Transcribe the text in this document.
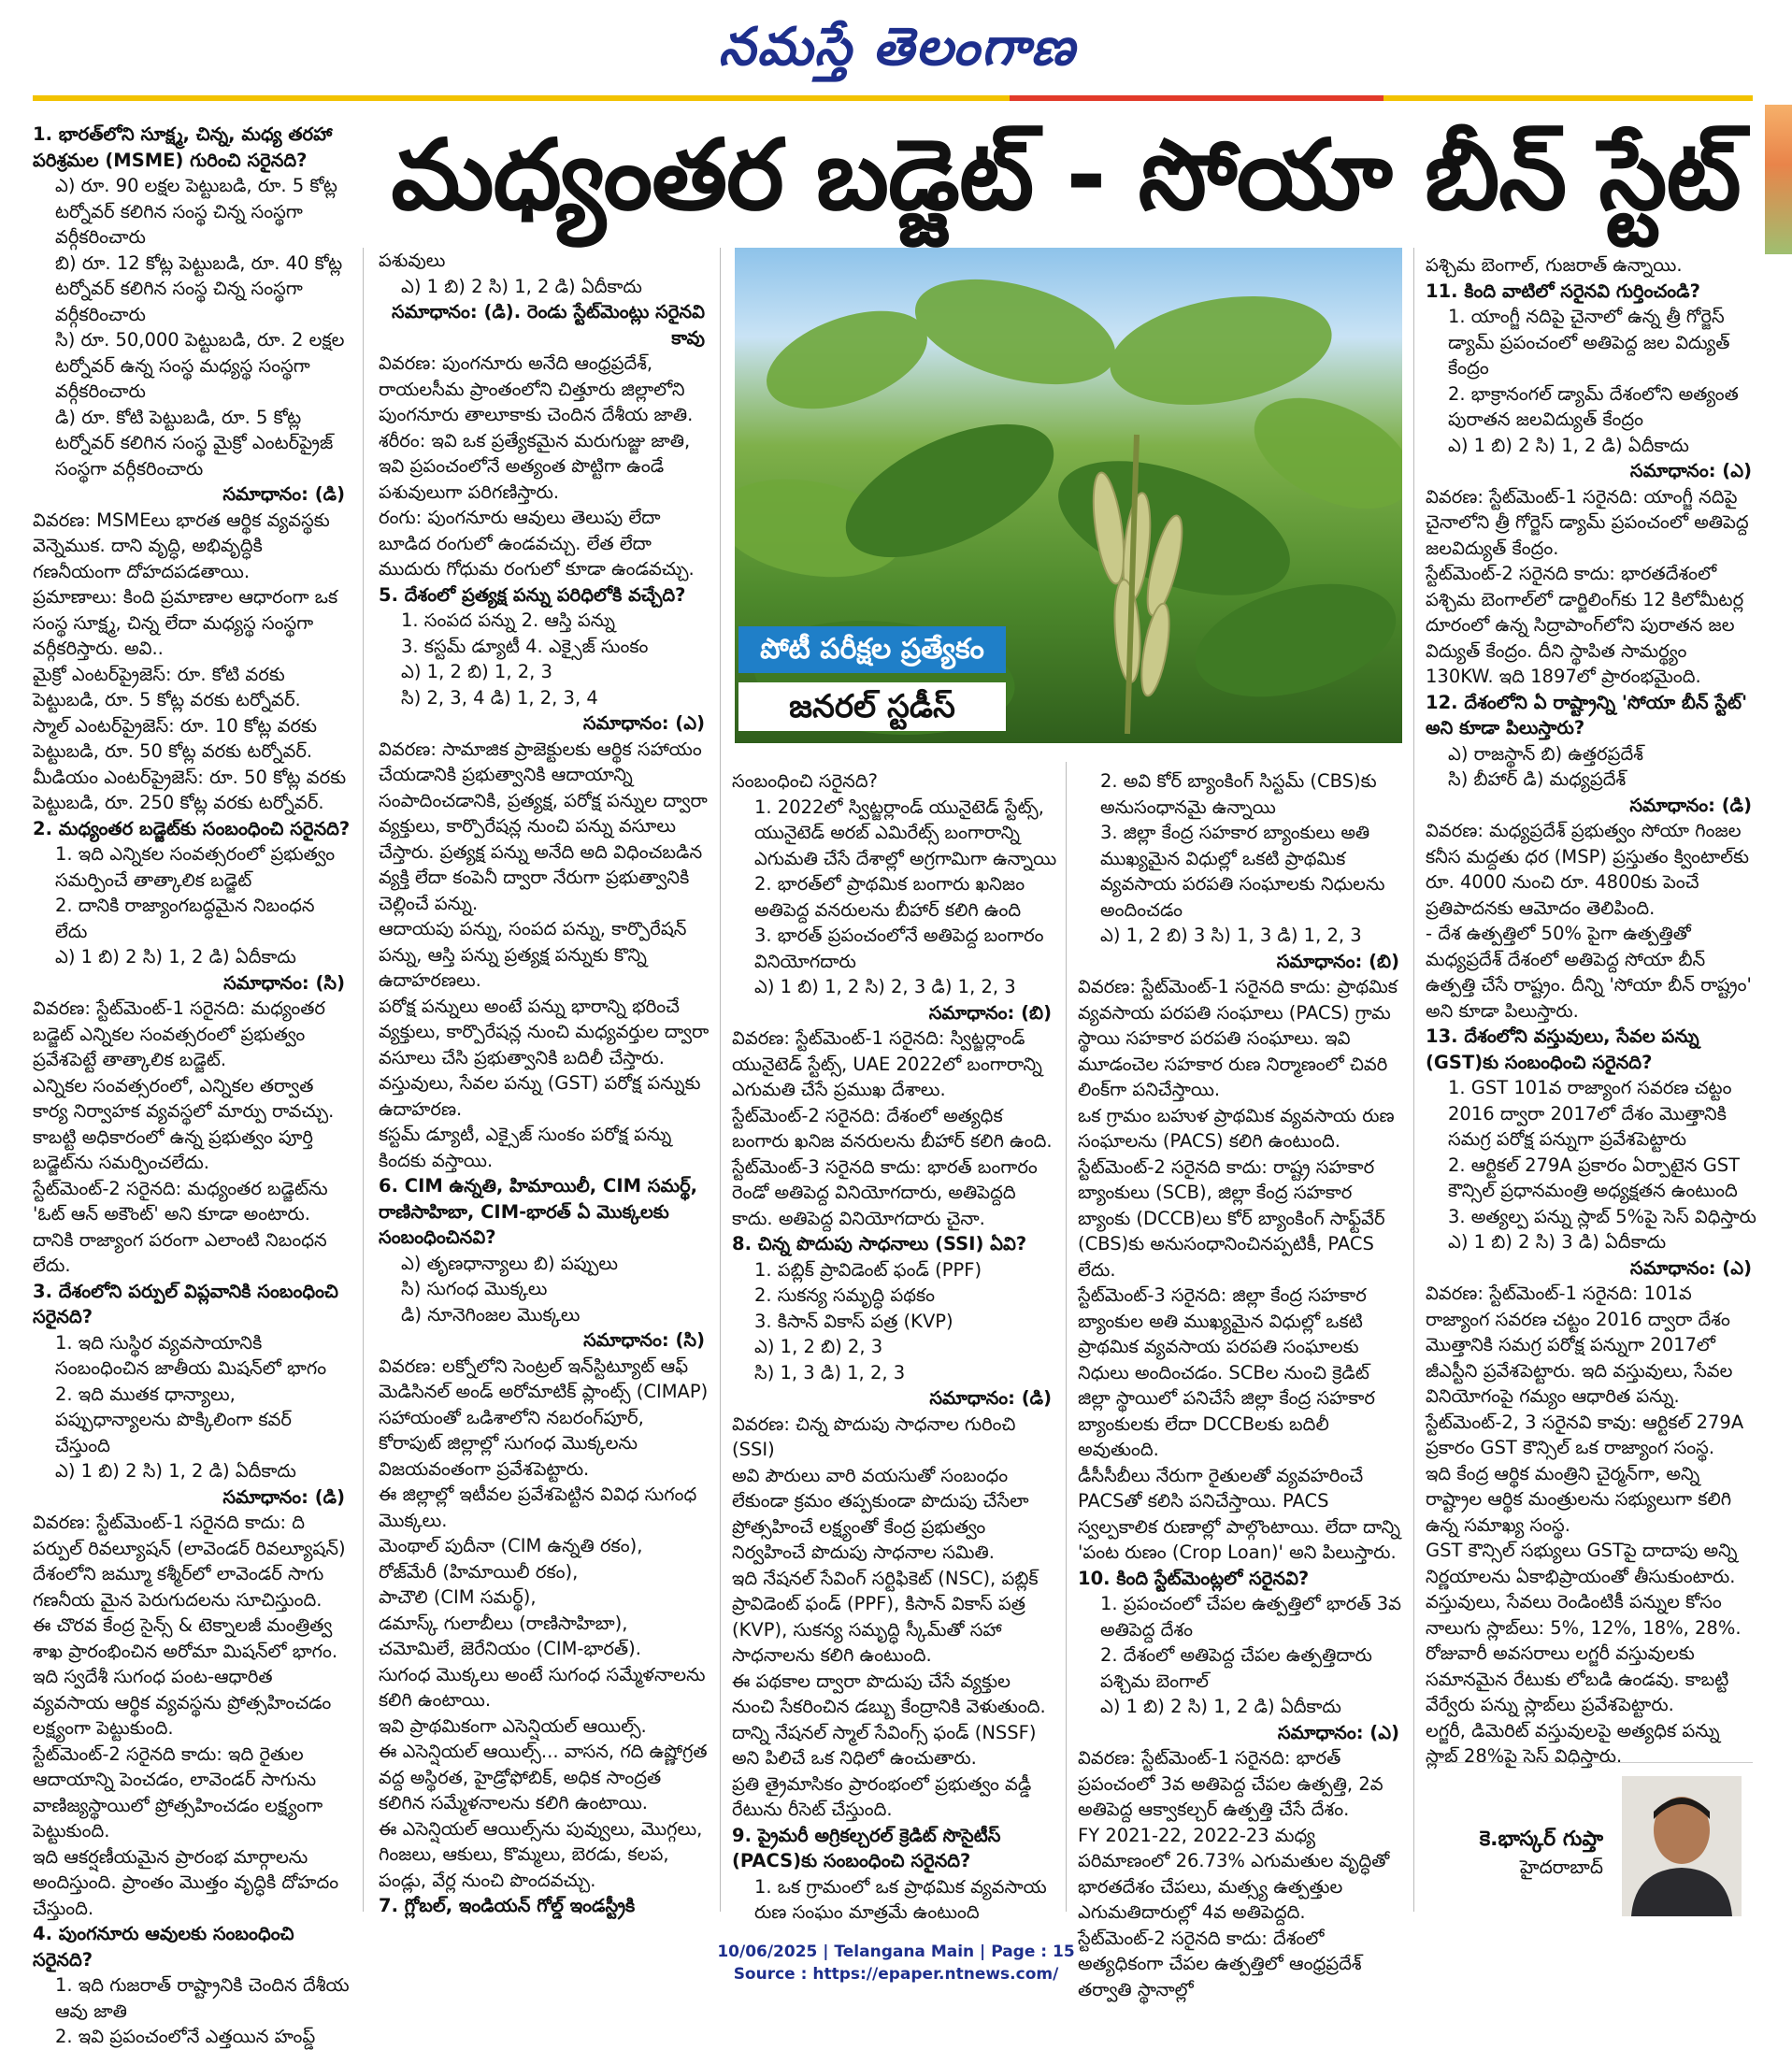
నమస్తే తెలంగాణ
మధ్యంతర బడ్జెట్ - సోయా బీన్ స్టేట్
పోటీ పరీక్షల ప్రత్యేకం
జనరల్ స్టడీస్

1. భారత్‌లోని సూక్ష్మ, చిన్న, మధ్య తరహా పరిశ్రమల (MSME) గురించి సరైనది?

ఎ) రూ. 90 లక్షల పెట్టుబడి, రూ. 5 కోట్ల టర్నోవర్ కలిగిన సంస్థ చిన్న సంస్థగా వర్గీకరించారు

బి) రూ. 12 కోట్ల పెట్టుబడి, రూ. 40 కోట్ల టర్నోవర్ కలిగిన సంస్థ చిన్న సంస్థగా వర్గీకరించారు

సి) రూ. 50,000 పెట్టుబడి, రూ. 2 లక్షల టర్నోవర్ ఉన్న సంస్థ మధ్యస్థ సంస్థగా వర్గీకరించారు

డి) రూ. కోటి పెట్టుబడి, రూ. 5 కోట్ల టర్నోవర్ కలిగిన సంస్థ మైక్రో ఎంటర్‌ప్రైజ్ సంస్థగా వర్గీకరించారు

సమాధానం: (డి)

వివరణ: MSMEలు భారత ఆర్థిక వ్యవస్థకు వెన్నెముక. దాని వృద్ధి, అభివృద్ధికి గణనీయంగా దోహదపడతాయి.

ప్రమాణాలు: కింది ప్రమాణాల ఆధారంగా ఒక సంస్థ సూక్ష్మ, చిన్న లేదా మధ్యస్థ సంస్థగా వర్గీకరిస్తారు. అవి..

మైక్రో ఎంటర్‌ప్రైజెస్: రూ. కోటి వరకు పెట్టుబడి, రూ. 5 కోట్ల వరకు టర్నోవర్.

స్మాల్ ఎంటర్‌ప్రైజెస్: రూ. 10 కోట్ల వరకు పెట్టుబడి, రూ. 50 కోట్ల వరకు టర్నోవర్.

మీడియం ఎంటర్‌ప్రైజెస్: రూ. 50 కోట్ల వరకు పెట్టుబడి, రూ. 250 కోట్ల వరకు టర్నోవర్.

2. మధ్యంతర బడ్జెట్‌కు సంబంధించి సరైనది?

1. ఇది ఎన్నికల సంవత్సరంలో ప్రభుత్వం సమర్పించే తాత్కాలిక బడ్జెట్

2. దానికి రాజ్యాంగబద్ధమైన నిబంధన లేదు

ఎ) 1 బి) 2 సి) 1, 2 డి) ఏదీకాదు

సమాధానం: (సి)

వివరణ: స్టేట్‌మెంట్-1 సరైనది: మధ్యంతర బడ్జెట్ ఎన్నికల సంవత్సరంలో ప్రభుత్వం ప్రవేశపెట్టే తాత్కాలిక బడ్జెట్.

ఎన్నికల సంవత్సరంలో, ఎన్నికల తర్వాత కార్య నిర్వాహక వ్యవస్థలో మార్పు రావచ్చు. కాబట్టి అధికారంలో ఉన్న ప్రభుత్వం పూర్తి బడ్జెట్‌ను సమర్పించలేదు.

స్టేట్‌మెంట్-2 సరైనది: మధ్యంతర బడ్జెట్‌ను 'ఓట్ ఆన్ అకౌంట్' అని కూడా అంటారు. దానికి రాజ్యాంగ పరంగా ఎలాంటి నిబంధన లేదు.

3. దేశంలోని పర్పుల్ విప్లవానికి సంబంధించి సరైనది?

1. ఇది సుస్థిర వ్యవసాయానికి సంబంధించిన జాతీయ మిషన్‌లో భాగం

2. ఇది ముతక ధాన్యాలు, పప్పుధాన్యాలను పొక్కిలింగా కవర్ చేస్తుంది

ఎ) 1 బి) 2 సి) 1, 2 డి) ఏదీకాదు

సమాధానం: (డి)

వివరణ: స్టేట్‌మెంట్-1 సరైనది కాదు: ది పర్పుల్ రివల్యూషన్ (లావెండర్ రివల్యూషన్) దేశంలోని జమ్మూ కశ్మీర్‌లో లావెండర్ సాగు గణనీయ మైన పెరుగుదలను సూచిస్తుంది.

ఈ చొరవ కేంద్ర సైన్స్ & టెక్నాలజీ మంత్రిత్వ శాఖ ప్రారంభించిన అరోమా మిషన్‌లో భాగం.

ఇది స్వదేశీ సుగంధ పంట-ఆధారిత వ్యవసాయ ఆర్థిక వ్యవస్థను ప్రోత్సహించడం లక్ష్యంగా పెట్టుకుంది.

స్టేట్‌మెంట్-2 సరైనది కాదు: ఇది రైతుల ఆదాయాన్ని పెంచడం, లావెండర్ సాగును వాణిజ్యస్థాయిలో ప్రోత్సహించడం లక్ష్యంగా పెట్టుకుంది.

ఇది ఆకర్షణీయమైన ప్రారంభ మార్గాలను అందిస్తుంది. ప్రాంతం మొత్తం వృద్ధికి దోహదం చేస్తుంది.

4. పుంగనూరు ఆవులకు సంబంధించి సరైనది?

1. ఇది గుజరాత్ రాష్ట్రానికి చెందిన దేశీయ ఆవు జాతి

2. ఇవి ప్రపంచంలోనే ఎత్తయిన హంప్డ్

పశువులు

ఎ) 1 బి) 2 సి) 1, 2 డి) ఏదీకాదు

సమాధానం: (డి). రెండు స్టేట్‌మెంట్లు సరైనవి కావు

వివరణ: పుంగనూరు అనేది ఆంధ్రప్రదేశ్, రాయలసీమ ప్రాంతంలోని చిత్తూరు జిల్లాలోని పుంగనూరు తాలూకాకు చెందిన దేశీయ జాతి.

శరీరం: ఇవి ఒక ప్రత్యేకమైన మరుగుజ్జు జాతి, ఇవి ప్రపంచంలోనే అత్యంత పొట్టిగా ఉండే పశువులుగా పరిగణిస్తారు.

రంగు: పుంగనూరు ఆవులు తెలుపు లేదా బూడిద రంగులో ఉండవచ్చు. లేత లేదా ముదురు గోధుమ రంగులో కూడా ఉండవచ్చు.

5. దేశంలో ప్రత్యక్ష పన్ను పరిధిలోకి వచ్చేది?

1. సంపద పన్ను 2. ఆస్తి పన్ను

3. కస్టమ్ డ్యూటీ 4. ఎక్సైజ్ సుంకం

ఎ) 1, 2 బి) 1, 2, 3

సి) 2, 3, 4 డి) 1, 2, 3, 4

సమాధానం: (ఎ)

వివరణ: సామాజిక ప్రాజెక్టులకు ఆర్థిక సహాయం చేయడానికి ప్రభుత్వానికి ఆదాయాన్ని సంపాదించడానికి, ప్రత్యక్ష, పరోక్ష పన్నుల ద్వారా వ్యక్తులు, కార్పొరేషన్ల నుంచి పన్ను వసూలు చేస్తారు. ప్రత్యక్ష పన్ను అనేది అది విధించబడిన వ్యక్తి లేదా కంపెనీ ద్వారా నేరుగా ప్రభుత్వానికి చెల్లించే పన్ను.

ఆదాయపు పన్ను, సంపద పన్ను, కార్పొరేషన్ పన్ను, ఆస్తి పన్ను ప్రత్యక్ష పన్నుకు కొన్ని ఉదాహరణలు.

పరోక్ష పన్నులు అంటే పన్ను భారాన్ని భరించే వ్యక్తులు, కార్పొరేషన్ల నుంచి మధ్యవర్తుల ద్వారా వసూలు చేసి ప్రభుత్వానికి బదిలీ చేస్తారు.

వస్తువులు, సేవల పన్ను (GST) పరోక్ష పన్నుకు ఉదాహరణ.

కస్టమ్ డ్యూటీ, ఎక్సైజ్ సుంకం పరోక్ష పన్ను కిందకు వస్తాయి.

6. CIM ఉన్నతి, హిమాయిలీ, CIM సమర్థ్, రాణిసాహిబా, CIM-భారత్ ఏ మొక్కలకు సంబంధించినవి?

ఎ) తృణధాన్యాలు బి) పప్పులు

సి) సుగంధ మొక్కలు

డి) నూనెగింజల మొక్కలు

సమాధానం: (సి)

వివరణ: లక్నోలోని సెంట్రల్ ఇన్‌స్టిట్యూట్ ఆఫ్ మెడిసినల్ అండ్ అరోమాటిక్ ప్లాంట్స్ (CIMAP) సహాయంతో ఒడిశాలోని నబరంగ్‌పూర్, కోరాపుట్ జిల్లాల్లో సుగంధ మొక్కలను విజయవంతంగా ప్రవేశపెట్టారు.

ఈ జిల్లాల్లో ఇటీవల ప్రవేశపెట్టిన వివిధ సుగంధ మొక్కలు.

మెంథాల్ పుదీనా (CIM ఉన్నతి రకం),

రోజ్‌మేరీ (హిమాయిలీ రకం),

పాచౌలి (CIM సమర్థ్),

డమాస్క్ గులాబీలు (రాణిసాహిబా),

చమోమిలే, జెరేనియం (CIM-భారత్).

సుగంధ మొక్కలు అంటే సుగంధ సమ్మేళనాలను కలిగి ఉంటాయి.

ఇవి ప్రాథమికంగా ఎసెన్షియల్ ఆయిల్స్.

ఈ ఎసెన్షియల్ ఆయిల్స్... వాసన, గది ఉష్ణోగ్రత వద్ద అస్థిరత, హైడ్రోఫోబిక్, అధిక సాంద్రత కలిగిన సమ్మేళనాలను కలిగి ఉంటాయి.

ఈ ఎసెన్షియల్ ఆయిల్స్‌ను పువ్వులు, మొగ్గలు, గింజలు, ఆకులు, కొమ్మలు, బెరడు, కలప, పండ్లు, వేర్ల నుంచి పొందవచ్చు.

7. గ్లోబల్, ఇండియన్ గోల్డ్ ఇండస్ట్రీకి

సంబంధించి సరైనది?

1. 2022లో స్విట్జర్లాండ్ యునైటెడ్ స్టేట్స్, యునైటెడ్ అరబ్ ఎమిరేట్స్ బంగారాన్ని ఎగుమతి చేసే దేశాల్లో అగ్రగామిగా ఉన్నాయి

2. భారత్‌లో ప్రాథమిక బంగారు ఖనిజం అతిపెద్ద వనరులను బీహార్ కలిగి ఉంది

3. భారత్ ప్రపంచంలోనే అతిపెద్ద బంగారం వినియోగదారు

ఎ) 1 బి) 1, 2 సి) 2, 3 డి) 1, 2, 3

సమాధానం: (బి)

వివరణ: స్టేట్‌మెంట్-1 సరైనది: స్విట్జర్లాండ్ యునైటెడ్ స్టేట్స్, UAE 2022లో బంగారాన్ని ఎగుమతి చేసే ప్రముఖ దేశాలు.

స్టేట్‌మెంట్-2 సరైనది: దేశంలో అత్యధిక బంగారు ఖనిజ వనరులను బీహార్ కలిగి ఉంది.

స్టేట్‌మెంట్-3 సరైనది కాదు: భారత్ బంగారం రెండో అతిపెద్ద వినియోగదారు, అతిపెద్దది కాదు. అతిపెద్ద వినియోగదారు చైనా.

8. చిన్న పొదుపు సాధనాలు (SSI) ఏవి?

1. పబ్లిక్ ప్రావిడెంట్ ఫండ్ (PPF)

2. సుకన్య సమృద్ధి పథకం

3. కిసాన్ వికాస్ పత్ర (KVP)

ఎ) 1, 2 బి) 2, 3

సి) 1, 3 డి) 1, 2, 3

సమాధానం: (డి)

వివరణ: చిన్న పొదుపు సాధనాల గురించి (SSI)

అవి పౌరులు వారి వయసుతో సంబంధం లేకుండా క్రమం తప్పకుండా పొదుపు చేసేలా ప్రోత్సహించే లక్ష్యంతో కేంద్ర ప్రభుత్వం నిర్వహించే పొదుపు సాధనాల సమితి.

ఇది నేషనల్ సేవింగ్ సర్టిఫికెట్ (NSC), పబ్లిక్ ప్రావిడెంట్ ఫండ్ (PPF), కిసాన్ వికాస్ పత్ర (KVP), సుకన్య సమృద్ధి స్కీమ్‌తో సహా సాధనాలను కలిగి ఉంటుంది.

ఈ పథకాల ద్వారా పొదుపు చేసే వ్యక్తుల నుంచి సేకరించిన డబ్బు కేంద్రానికి వెళుతుంది. దాన్ని నేషనల్ స్మాల్ సేవింగ్స్ ఫండ్ (NSSF) అని పిలిచే ఒక నిధిలో ఉంచుతారు.

ప్రతి త్రైమాసికం ప్రారంభంలో ప్రభుత్వం వడ్డీ రేటును రీసెట్ చేస్తుంది.

9. ప్రైమరీ అగ్రికల్చరల్ క్రెడిట్ సొసైటీస్ (PACS)కు సంబంధించి సరైనది?

1. ఒక గ్రామంలో ఒక ప్రాథమిక వ్యవసాయ రుణ సంఘం మాత్రమే ఉంటుంది

2. అవి కోర్ బ్యాంకింగ్ సిస్టమ్ (CBS)కు అనుసంధానమై ఉన్నాయి

3. జిల్లా కేంద్ర సహకార బ్యాంకులు అతి ముఖ్యమైన విధుల్లో ఒకటి ప్రాథమిక వ్యవసాయ పరపతి సంఘాలకు నిధులను అందించడం

ఎ) 1, 2 బి) 3 సి) 1, 3 డి) 1, 2, 3

సమాధానం: (బి)

వివరణ: స్టేట్‌మెంట్-1 సరైనది కాదు: ప్రాథమిక వ్యవసాయ పరపతి సంఘాలు (PACS) గ్రామ స్థాయి సహకార పరపతి సంఘాలు. ఇవి మూడంచెల సహకార రుణ నిర్మాణంలో చివరి లింక్‌గా పనిచేస్తాయి.

ఒక గ్రామం బహుళ ప్రాథమిక వ్యవసాయ రుణ సంఘాలను (PACS) కలిగి ఉంటుంది.

స్టేట్‌మెంట్-2 సరైనది కాదు: రాష్ట్ర సహకార బ్యాంకులు (SCB), జిల్లా కేంద్ర సహకార బ్యాంకు (DCCB)లు కోర్ బ్యాంకింగ్ సాఫ్ట్‌వేర్ (CBS)కు అనుసంధానించినప్పటికీ, PACS లేదు.

స్టేట్‌మెంట్-3 సరైనది: జిల్లా కేంద్ర సహకార బ్యాంకుల అతి ముఖ్యమైన విధుల్లో ఒకటి ప్రాథమిక వ్యవసాయ పరపతి సంఘాలకు నిధులు అందించడం. SCBల నుంచి క్రెడిట్ జిల్లా స్థాయిలో పనిచేసే జిల్లా కేంద్ర సహకార బ్యాంకులకు లేదా DCCBలకు బదిలీ అవుతుంది.

డీసీసీబీలు నేరుగా రైతులతో వ్యవహరించే PACSతో కలిసి పనిచేస్తాయి. PACS స్వల్పకాలిక రుణాల్లో పాల్గొంటాయి. లేదా దాన్ని 'పంట రుణం (Crop Loan)' అని పిలుస్తారు.

10. కింది స్టేట్‌మెంట్లలో సరైనవి?

1. ప్రపంచంలో చేపల ఉత్పత్తిలో భారత్ 3వ అతిపెద్ద దేశం

2. దేశంలో అతిపెద్ద చేపల ఉత్పత్తిదారు పశ్చిమ బెంగాల్

ఎ) 1 బి) 2 సి) 1, 2 డి) ఏదీకాదు

సమాధానం: (ఎ)

వివరణ: స్టేట్‌మెంట్-1 సరైనది: భారత్ ప్రపంచంలో 3వ అతిపెద్ద చేపల ఉత్పత్తి, 2వ అతిపెద్ద ఆక్వాకల్చర్ ఉత్పత్తి చేసే దేశం.

FY 2021-22, 2022-23 మధ్య పరిమాణంలో 26.73% ఎగుమతుల వృద్ధితో భారతదేశం చేపలు, మత్స్య ఉత్పత్తుల ఎగుమతిదారుల్లో 4వ అతిపెద్దది.

స్టేట్‌మెంట్-2 సరైనది కాదు: దేశంలో అత్యధికంగా చేపల ఉత్పత్తిలో ఆంధ్రప్రదేశ్ తర్వాతి స్థానాల్లో

పశ్చిమ బెంగాల్, గుజరాత్ ఉన్నాయి.

11. కింది వాటిలో సరైనవి గుర్తించండి?

1. యాంగ్జీ నదిపై చైనాలో ఉన్న త్రీ గోర్జెస్ డ్యామ్ ప్రపంచంలో అతిపెద్ద జల విద్యుత్ కేంద్రం

2. భాక్రానంగల్ డ్యామ్ దేశంలోని అత్యంత పురాతన జలవిద్యుత్ కేంద్రం

ఎ) 1 బి) 2 సి) 1, 2 డి) ఏదీకాదు

సమాధానం: (ఎ)

వివరణ: స్టేట్‌మెంట్-1 సరైనది: యాంగ్జీ నదిపై చైనాలోని త్రీ గోర్జెస్ డ్యామ్ ప్రపంచంలో అతిపెద్ద జలవిద్యుత్ కేంద్రం.

స్టేట్‌మెంట్-2 సరైనది కాదు: భారతదేశంలో పశ్చిమ బెంగాల్‌లో డార్జిలింగ్‌కు 12 కిలోమీటర్ల దూరంలో ఉన్న సిద్రాపాంగ్‌లోని పురాతన జల విద్యుత్ కేంద్రం. దీని స్థాపిత సామర్థ్యం 130KW. ఇది 1897లో ప్రారంభమైంది.

12. దేశంలోని ఏ రాష్ట్రాన్ని 'సోయా బీన్ స్టేట్' అని కూడా పిలుస్తారు?

ఎ) రాజస్థాన్ బి) ఉత్తరప్రదేశ్

సి) బీహార్ డి) మధ్యప్రదేశ్

సమాధానం: (డి)

వివరణ: మధ్యప్రదేశ్ ప్రభుత్వం సోయా గింజల కనీస మద్దతు ధర (MSP) ప్రస్తుతం క్వింటాల్‌కు రూ. 4000 నుంచి రూ. 4800కు పెంచే ప్రతిపాదనకు ఆమోదం తెలిపింది.

- దేశ ఉత్పత్తిలో 50% పైగా ఉత్పత్తితో మధ్యప్రదేశ్ దేశంలో అతిపెద్ద సోయా బీన్ ఉత్పత్తి చేసే రాష్ట్రం. దీన్ని 'సోయా బీన్ రాష్ట్రం' అని కూడా పిలుస్తారు.

13. దేశంలోని వస్తువులు, సేవల పన్ను (GST)కు సంబంధించి సరైనది?

1. GST 101వ రాజ్యాంగ సవరణ చట్టం 2016 ద్వారా 2017లో దేశం మొత్తానికి సమగ్ర పరోక్ష పన్నుగా ప్రవేశపెట్టారు

2. ఆర్టికల్ 279A ప్రకారం ఏర్పాటైన GST కౌన్సిల్ ప్రధానమంత్రి అధ్యక్షతన ఉంటుంది

3. అత్యల్ప పన్ను స్లాబ్ 5%పై సెస్ విధిస్తారు

ఎ) 1 బి) 2 సి) 3 డి) ఏదీకాదు

సమాధానం: (ఎ)

వివరణ: స్టేట్‌మెంట్-1 సరైనది: 101వ రాజ్యాంగ సవరణ చట్టం 2016 ద్వారా దేశం మొత్తానికి సమగ్ర పరోక్ష పన్నుగా 2017లో జీఎస్టీని ప్రవేశపెట్టారు. ఇది వస్తువులు, సేవల వినియోగంపై గమ్యం ఆధారిత పన్ను.

స్టేట్‌మెంట్-2, 3 సరైనవి కావు: ఆర్టికల్ 279A ప్రకారం GST కౌన్సిల్ ఒక రాజ్యాంగ సంస్థ.

ఇది కేంద్ర ఆర్థిక మంత్రిని చైర్మన్‌గా, అన్ని రాష్ట్రాల ఆర్థిక మంత్రులను సభ్యులుగా కలిగి ఉన్న సమాఖ్య సంస్థ.

GST కౌన్సిల్ సభ్యులు GSTపై దాదాపు అన్ని నిర్ణయాలను ఏకాభిప్రాయంతో తీసుకుంటారు.

వస్తువులు, సేవలు రెండింటికీ పన్నుల కోసం నాలుగు స్లాబ్‌లు: 5%, 12%, 18%, 28%.

రోజువారీ అవసరాలు లగ్జరీ వస్తువులకు సమానమైన రేటుకు లోబడి ఉండవు. కాబట్టి వేర్వేరు పన్ను స్లాబ్‌లు ప్రవేశపెట్టారు.

లగ్జరీ, డిమెరిట్ వస్తువులపై అత్యధిక పన్ను స్లాబ్ 28%పై సెస్ విధిస్తారు.

కె.భాస్కర్ గుప్తా
హైదరాబాద్
10/06/2025 | Telangana Main | Page : 15
Source : https://epaper.ntnews.com/
